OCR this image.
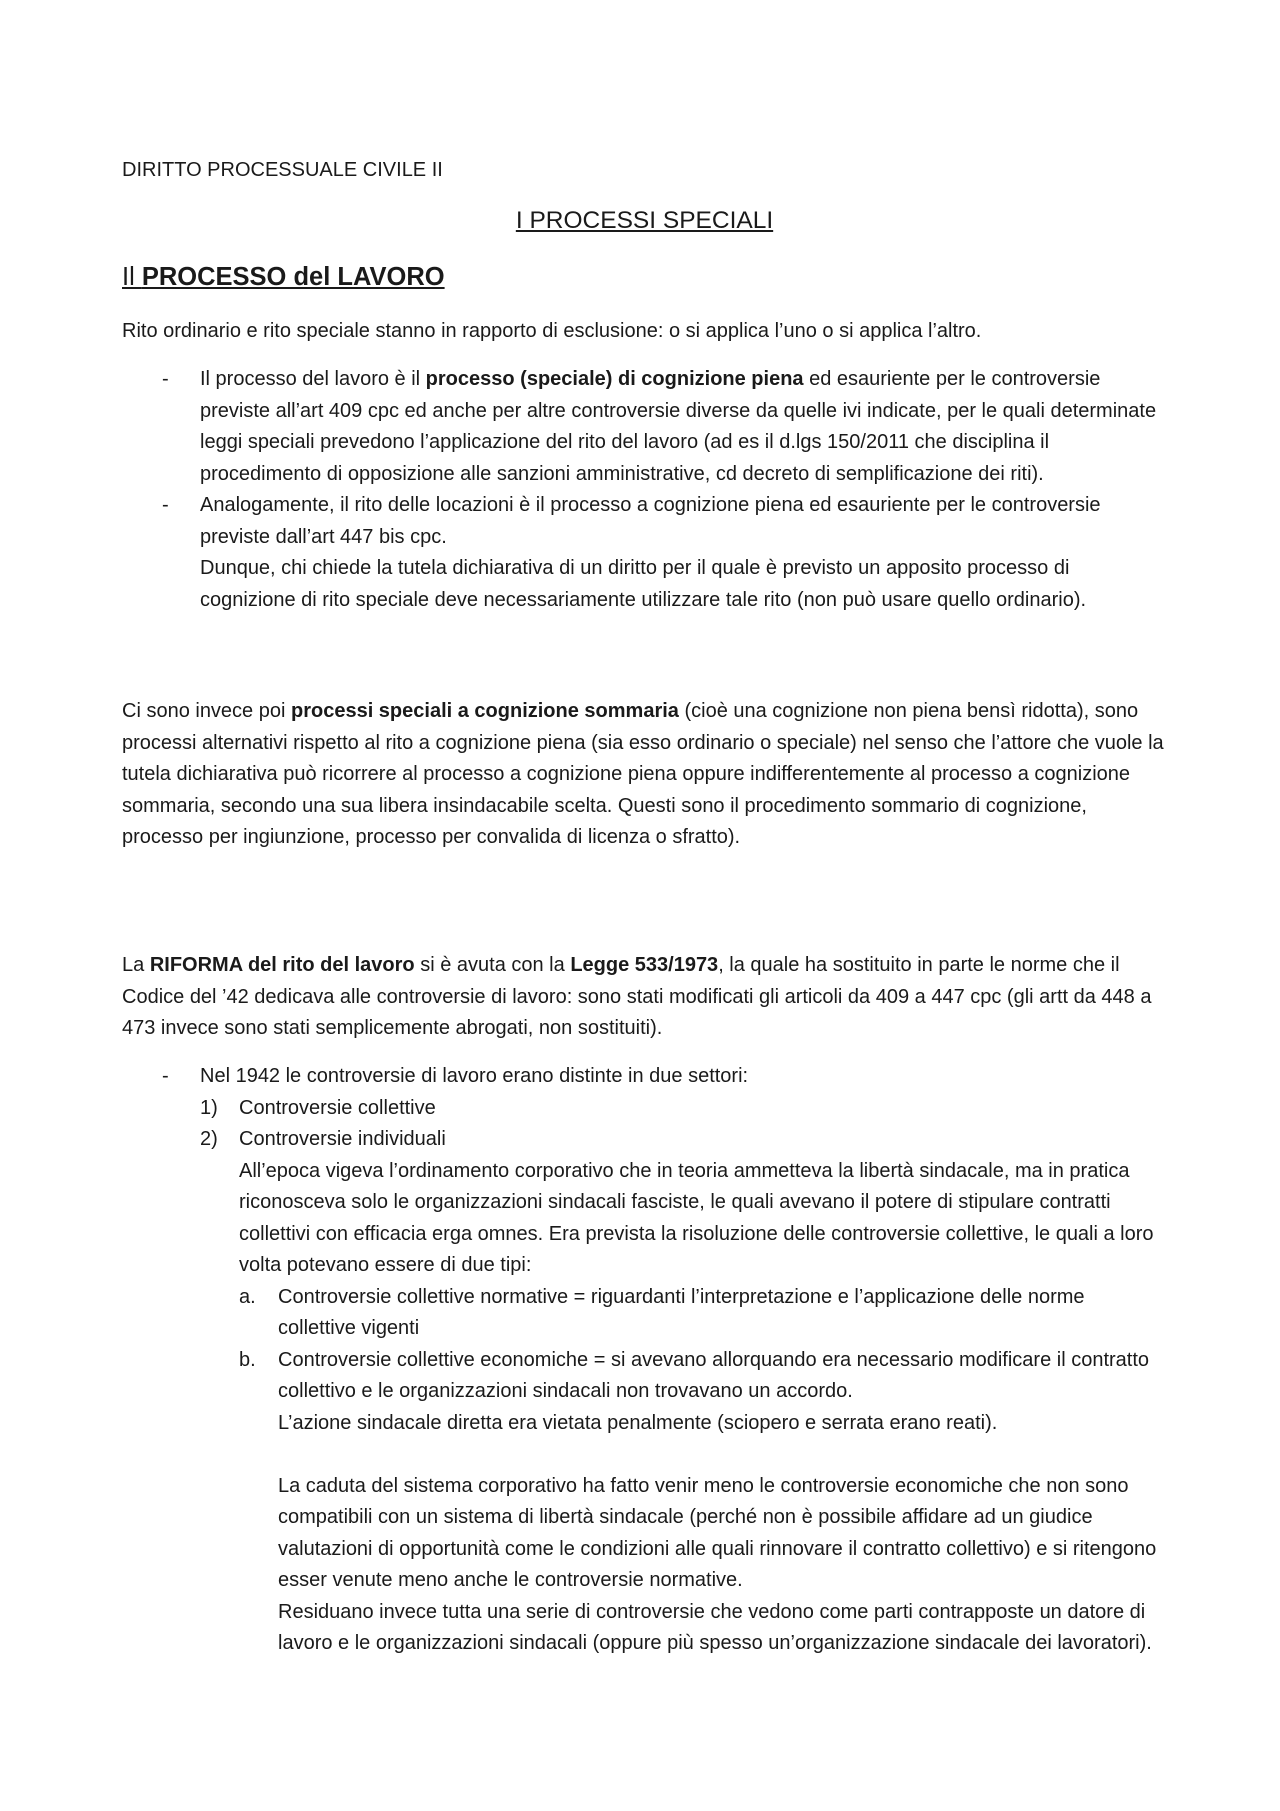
DIRITTO PROCESSUALE CIVILE II
I PROCESSI SPECIALI
Il PROCESSO del LAVORO

Rito ordinario e rito speciale stanno in rapporto di esclusione: o si applica l’uno o si applica l’altro.

- Il processo del lavoro è il processo (speciale) di cognizione piena ed esauriente per le controversie previste all’art 409 cpc ed anche per altre controversie diverse da quelle ivi indicate, per le quali determinate leggi speciali prevedono l’applicazione del rito del lavoro (ad es il d.lgs 150/2011 che disciplina il procedimento di opposizione alle sanzioni amministrative, cd decreto di semplificazione dei riti).
- Analogamente, il rito delle locazioni è il processo a cognizione piena ed esauriente per le controversie previste dall’art 447 bis cpc.
Dunque, chi chiede la tutela dichiarativa di un diritto per il quale è previsto un apposito processo di cognizione di rito speciale deve necessariamente utilizzare tale rito (non può usare quello ordinario).

Ci sono invece poi processi speciali a cognizione sommaria (cioè una cognizione non piena bensì ridotta), sono processi alternativi rispetto al rito a cognizione piena (sia esso ordinario o speciale) nel senso che l’attore che vuole la tutela dichiarativa può ricorrere al processo a cognizione piena oppure indifferentemente al processo a cognizione sommaria, secondo una sua libera insindacabile scelta. Questi sono il procedimento sommario di cognizione, processo per ingiunzione, processo per convalida di licenza o sfratto).

La RIFORMA del rito del lavoro si è avuta con la Legge 533/1973, la quale ha sostituito in parte le norme che il Codice del ’42 dedicava alle controversie di lavoro: sono stati modificati gli articoli da 409 a 447 cpc (gli artt da 448 a 473 invece sono stati semplicemente abrogati, non sostituiti).

- Nel 1942 le controversie di lavoro erano distinte in due settori:
1) Controversie collettive
2) Controversie individuali
All’epoca vigeva l’ordinamento corporativo che in teoria ammetteva la libertà sindacale, ma in pratica riconosceva solo le organizzazioni sindacali fasciste, le quali avevano il potere di stipulare contratti collettivi con efficacia erga omnes. Era prevista la risoluzione delle controversie collettive, le quali a loro volta potevano essere di due tipi:
a. Controversie collettive normative = riguardanti l’interpretazione e l’applicazione delle norme collettive vigenti
b. Controversie collettive economiche = si avevano allorquando era necessario modificare il contratto collettivo e le organizzazioni sindacali non trovavano un accordo.
L’azione sindacale diretta era vietata penalmente (sciopero e serrata erano reati).
La caduta del sistema corporativo ha fatto venir meno le controversie economiche che non sono compatibili con un sistema di libertà sindacale (perché non è possibile affidare ad un giudice valutazioni di opportunità come le condizioni alle quali rinnovare il contratto collettivo) e si ritengono esser venute meno anche le controversie normative.
Residuano invece tutta una serie di controversie che vedono come parti contrapposte un datore di lavoro e le organizzazioni sindacali (oppure più spesso un’organizzazione sindacale dei lavoratori).
